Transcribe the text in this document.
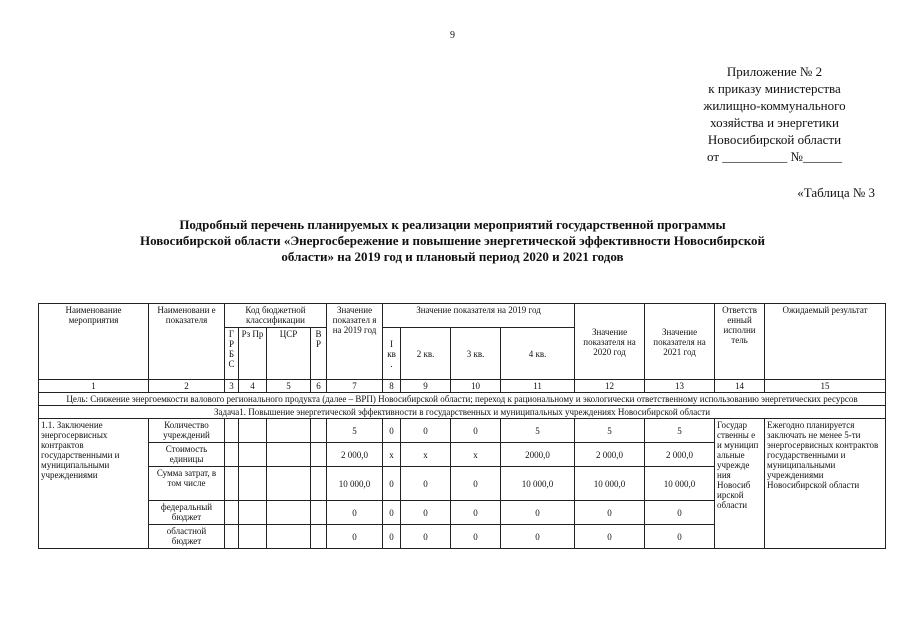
9
Приложение № 2
к приказу министерства
жилищно-коммунального
хозяйства и энергетики
Новосибирской области
от __________ №______
«Таблица № 3
Подробный перечень планируемых к реализации мероприятий государственной программы
Новосибирской области «Энергосбережение и повышение энергетической эффективности Новосибирской
области» на 2019 год и плановый период 2020 и 2021 годов
Наименование мероприятия	Наименовани е показателя	Код бюджетной классификации				Значение показател я на 2019 год	Значение показателя на 2019 год				Значение показателя на 2020 год	Значение показателя на 2021 год	Ответств енный исполни тель	Ожидаемый результат
		Г Р Б С	Рз Пр	ЦСР	В Р		I кв .	2 кв.	3 кв.	4 кв.				
1	2	3	4	5	6	7	8	9	10	11	12	13	14	15
Цель: Снижение энергоемкости валового регионального продукта (далее – ВРП) Новосибирской области; переход к рациональному и экологически ответственному использованию энергетических ресурсов														
Задача1. Повышение энергетической эффективности в государственных и муниципальных учреждениях Новосибирской области														
1.1. Заключение энергосервисных контрактов государственными и муниципальными учреждениями	Количество учреждений					5	0	0	0	5	5	5	Государ ственны е и муницип альные учрежде ния Новосиб ирской области	Ежегодно планируется заключать не менее 5-ти энергосервисных контрактов государственными и муниципальными учреждениями Новосибирской области
	Стоимость единицы					2 000,0	х	х	х	2000,0	2 000,0	2 000,0		
	Сумма затрат, в том числе					10 000,0	0	0	0	10 000,0	10 000,0	10 000,0		
	федеральный бюджет					0	0	0	0	0	0	0		
	областной бюджет					0	0	0	0	0	0	0		
